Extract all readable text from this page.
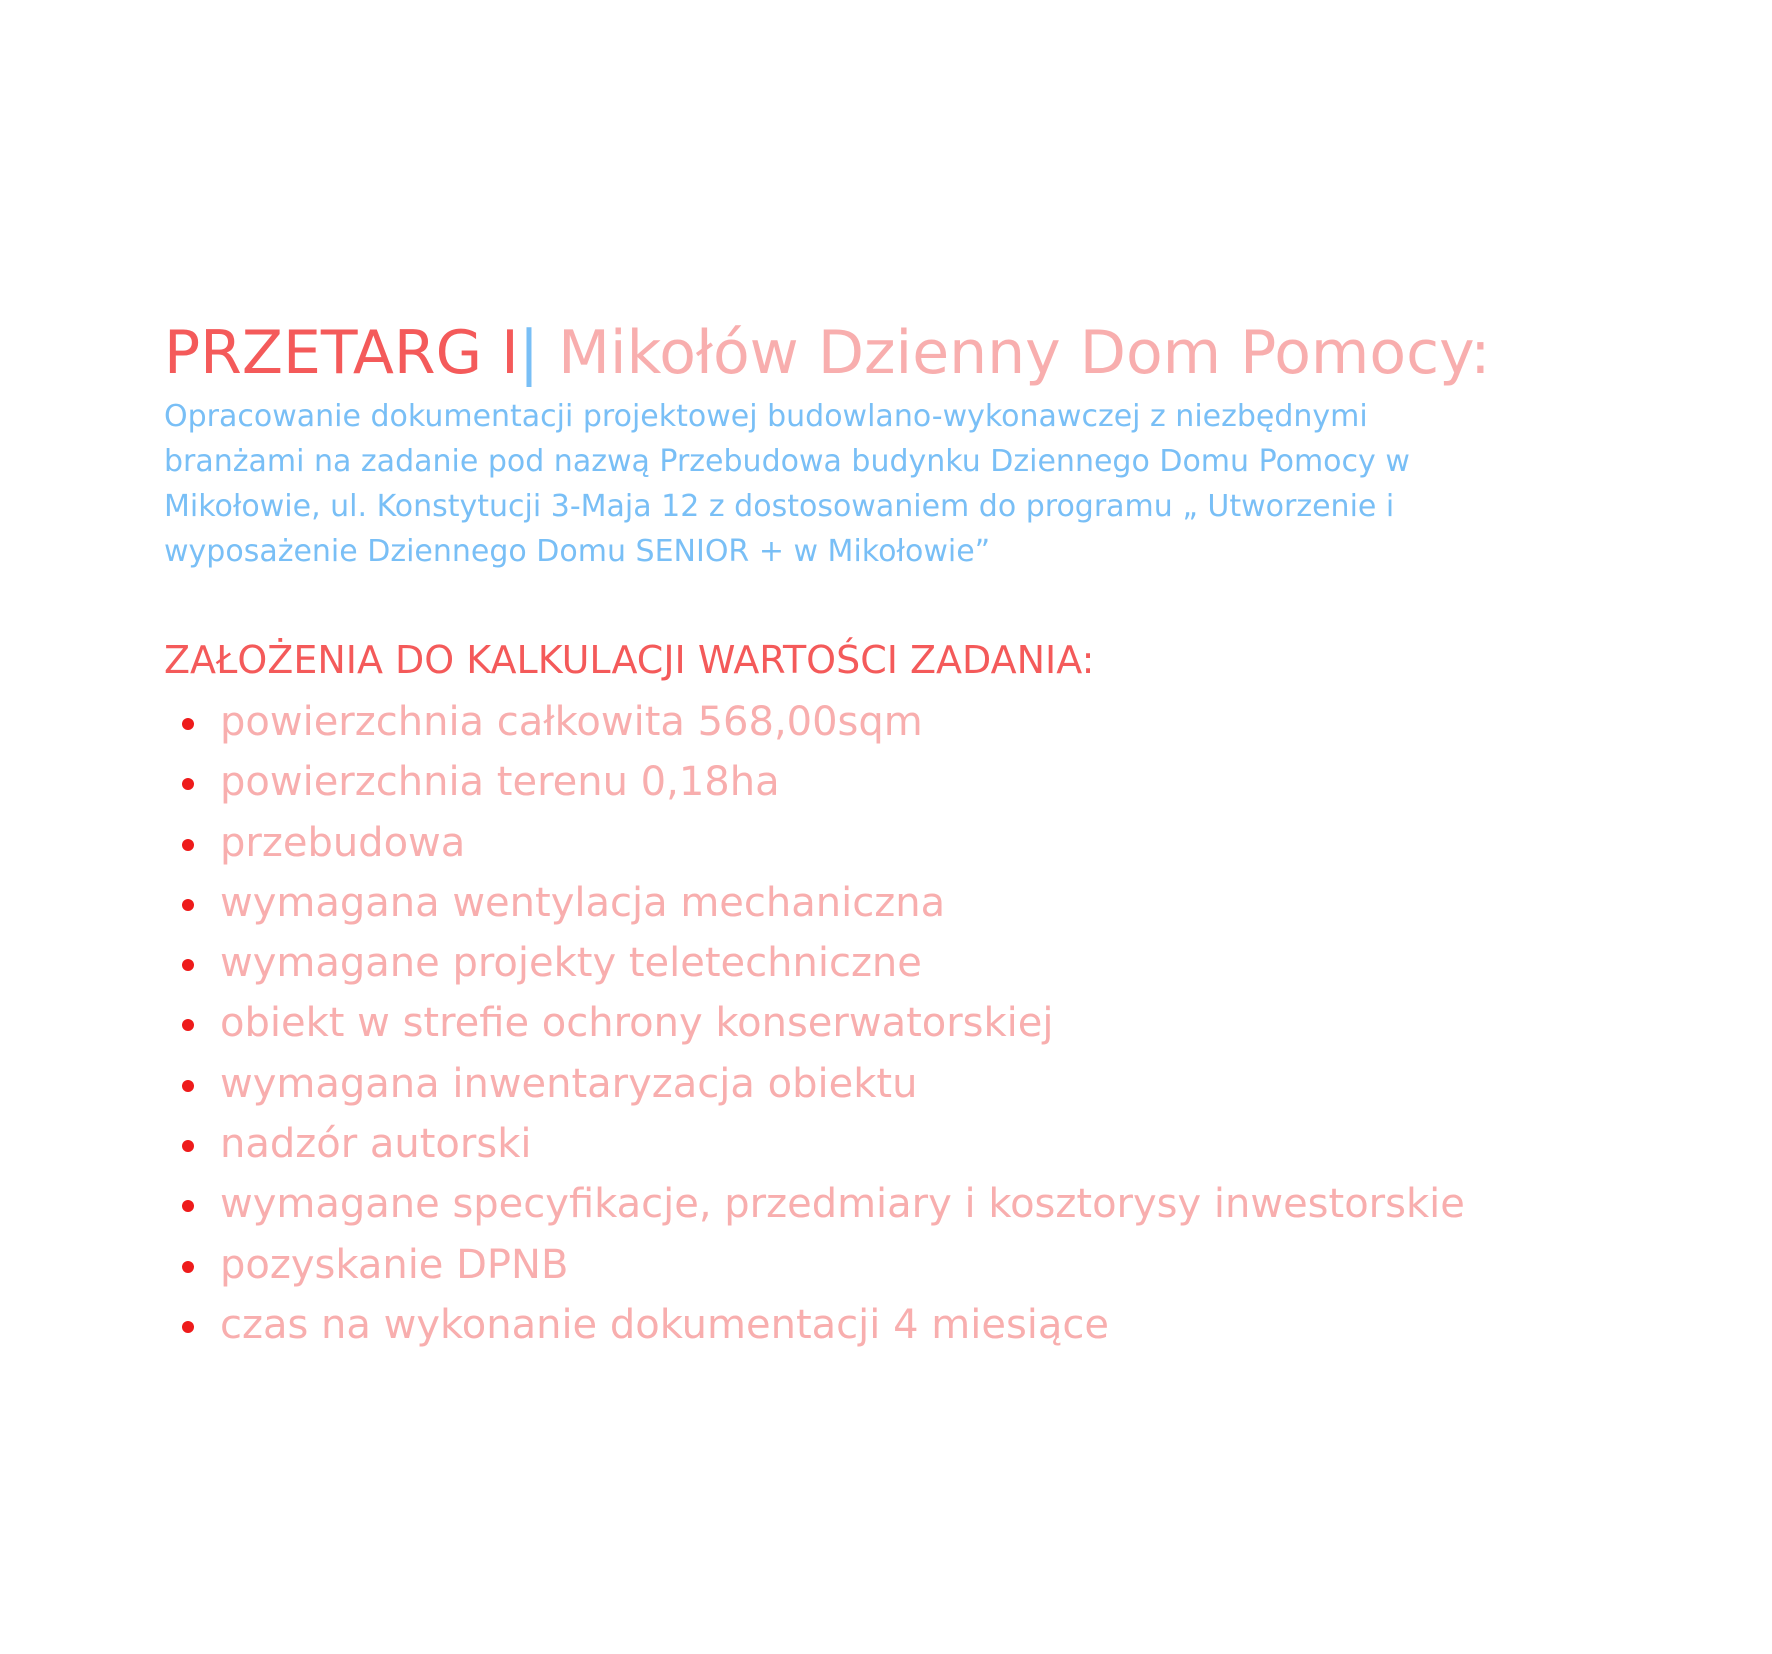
PRZETARG I| Mikołów Dzienny Dom Pomocy:

Opracowanie dokumentacji projektowej budowlano-wykonawczej z niezbędnymi branżami na zadanie pod nazwą Przebudowa budynku Dziennego Domu Pomocy w Mikołowie, ul. Konstytucji 3-Maja 12 z dostosowaniem do programu „ Utworzenie i wyposażenie Dziennego Domu SENIOR + w Mikołowie”

ZAŁOŻENIA DO KALKULACJI WARTOŚCI ZADANIA:
powierzchnia całkowita 568,00sqm
powierzchnia terenu 0,18ha
przebudowa
wymagana wentylacja mechaniczna
wymagane projekty teletechniczne
obiekt w strefie ochrony konserwatorskiej
wymagana inwentaryzacja obiektu
nadzór autorski
wymagane specyfikacje, przedmiary i kosztorysy inwestorskie
pozyskanie DPNB
czas na wykonanie dokumentacji 4 miesiące
